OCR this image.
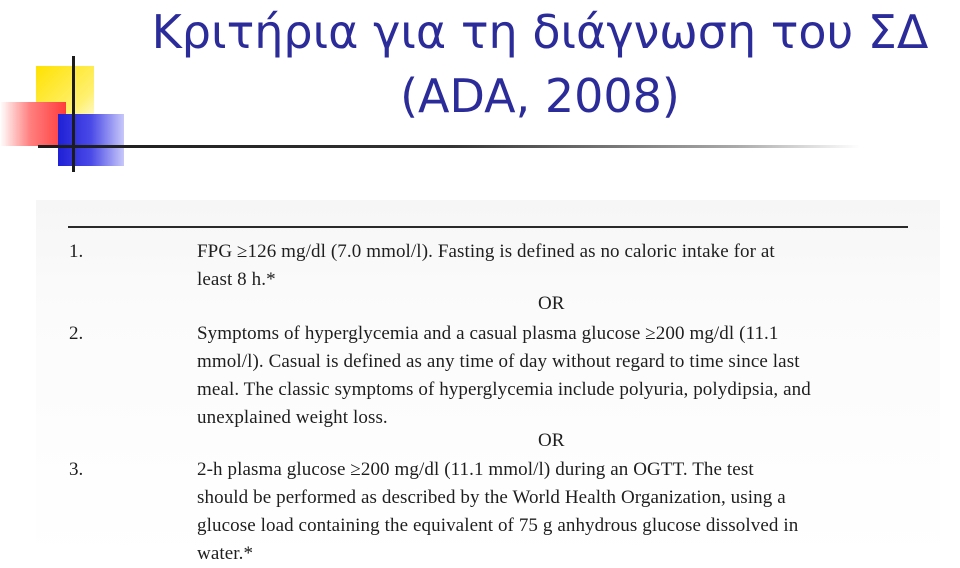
Κριτήρια για τη διάγνωση του ΣΔ
(ADA, 2008)
1.	FPG ≥126 mg/dl (7.0 mmol/l). Fasting is defined as no caloric intake for at

least 8 h.*

OR
2.	Symptoms of hyperglycemia and a casual plasma glucose ≥200 mg/dl (11.1

mmol/l). Casual is defined as any time of day without regard to time since last

meal. The classic symptoms of hyperglycemia include polyuria, polydipsia, and

unexplained weight loss.

OR
3.	2-h plasma glucose ≥200 mg/dl (11.1 mmol/l) during an OGTT. The test

should be performed as described by the World Health Organization, using a

glucose load containing the equivalent of 75 g anhydrous glucose dissolved in

water.*
